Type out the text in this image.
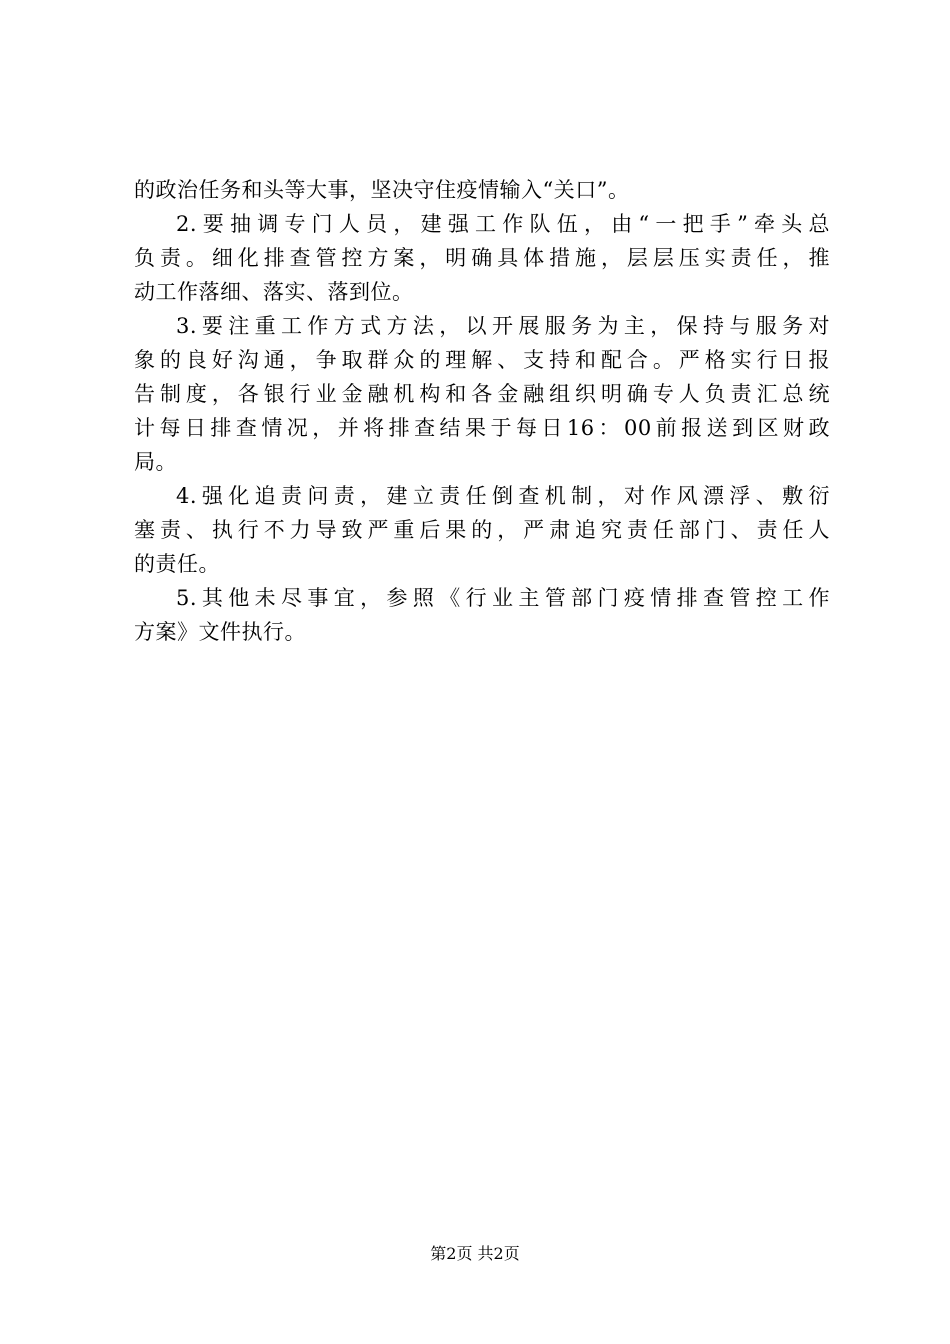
的政治任务和头等大事，坚决守住疫情输入“关口”。
2.要抽调专门人员，建强工作队伍，由“一把手”牵头总
负责。细化排查管控方案，明确具体措施，层层压实责任，推
动工作落细、落实、落到位。
3.要注重工作方式方法，以开展服务为主，保持与服务对
象的良好沟通，争取群众的理解、支持和配合。严格实行日报
告制度，各银行业金融机构和各金融组织明确专人负责汇总统
计每日排查情况，并将排查结果于每日16：00前报送到区财政
局。
4.强化追责问责，建立责任倒查机制，对作风漂浮、敷衍
塞责、执行不力导致严重后果的，严肃追究责任部门、责任人
的责任。
5.其他未尽事宜，参照《行业主管部门疫情排查管控工作
方案》文件执行。
第2页 共2页
